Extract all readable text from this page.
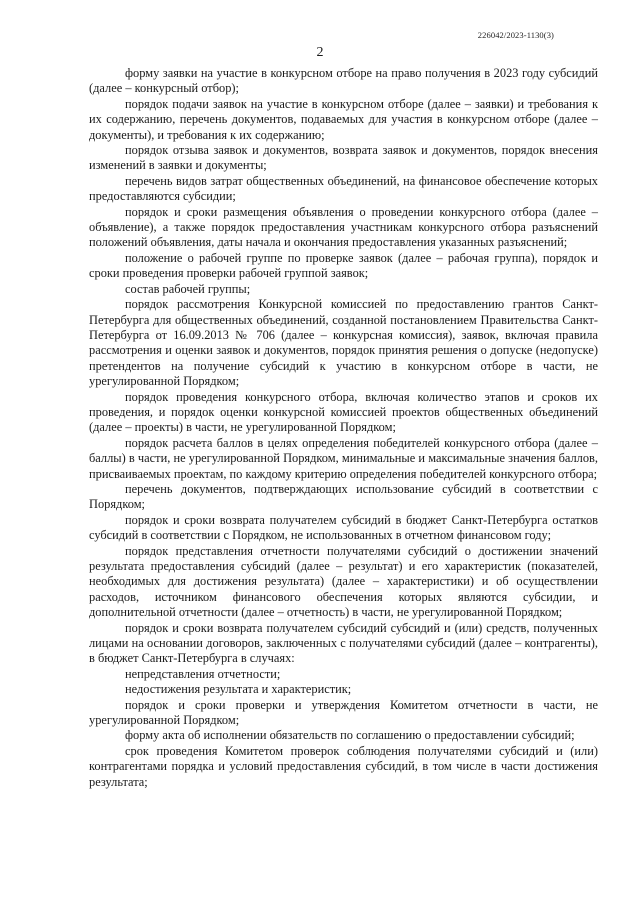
226042/2023-1130(3)
2

форму заявки на участие в конкурсном отборе на право получения в 2023 году субсидий (далее – конкурсный отбор);

порядок подачи заявок на участие в конкурсном отборе (далее – заявки) и требования к их содержанию, перечень документов, подаваемых для участия в конкурсном отборе (далее – документы), и требования к их содержанию;

порядок отзыва заявок и документов, возврата заявок и документов, порядок внесения изменений в заявки и документы;

перечень видов затрат общественных объединений, на финансовое обеспечение которых предоставляются субсидии;

порядок и сроки размещения объявления о проведении конкурсного отбора (далее – объявление), а также порядок предоставления участникам конкурсного отбора разъяснений положений объявления, даты начала и окончания предоставления указанных разъяснений;

положение о рабочей группе по проверке заявок (далее – рабочая группа), порядок и сроки проведения проверки рабочей группой заявок;

состав рабочей группы;

порядок рассмотрения Конкурсной комиссией по предоставлению грантов Санкт-Петербурга для общественных объединений, созданной постановлением Правительства Санкт-Петербурга от 16.09.2013 № 706 (далее – конкурсная комиссия), заявок, включая правила рассмотрения и оценки заявок и документов, порядок принятия решения о допуске (недопуске) претендентов на получение субсидий к участию в конкурсном отборе в части, не урегулированной Порядком;

порядок проведения конкурсного отбора, включая количество этапов и сроков их проведения, и порядок оценки конкурсной комиссией проектов общественных объединений (далее – проекты) в части, не урегулированной Порядком;

порядок расчета баллов в целях определения победителей конкурсного отбора (далее – баллы) в части, не урегулированной Порядком, минимальные и максимальные значения баллов, присваиваемых проектам, по каждому критерию определения победителей конкурсного отбора;

перечень документов, подтверждающих использование субсидий в соответствии с Порядком;

порядок и сроки возврата получателем субсидий в бюджет Санкт-Петербурга остатков субсидий в соответствии с Порядком, не использованных в отчетном финансовом году;

порядок представления отчетности получателями субсидий о достижении значений результата предоставления субсидий (далее – результат) и его характеристик (показателей, необходимых для достижения результата) (далее – характеристики) и об осуществлении расходов, источником финансового обеспечения которых являются субсидии, и дополнительной отчетности (далее – отчетность) в части, не урегулированной Порядком;

порядок и сроки возврата получателем субсидий субсидий и (или) средств, полученных лицами на основании договоров, заключенных с получателями субсидий (далее – контрагенты), в бюджет Санкт-Петербурга в случаях:

непредставления отчетности;

недостижения результата и характеристик;

порядок и сроки проверки и утверждения Комитетом отчетности в части, не урегулированной Порядком;

форму акта об исполнении обязательств по соглашению о предоставлении субсидий;

срок проведения Комитетом проверок соблюдения получателями субсидий и (или) контрагентами порядка и условий предоставления субсидий, в том числе в части достижения результата;
